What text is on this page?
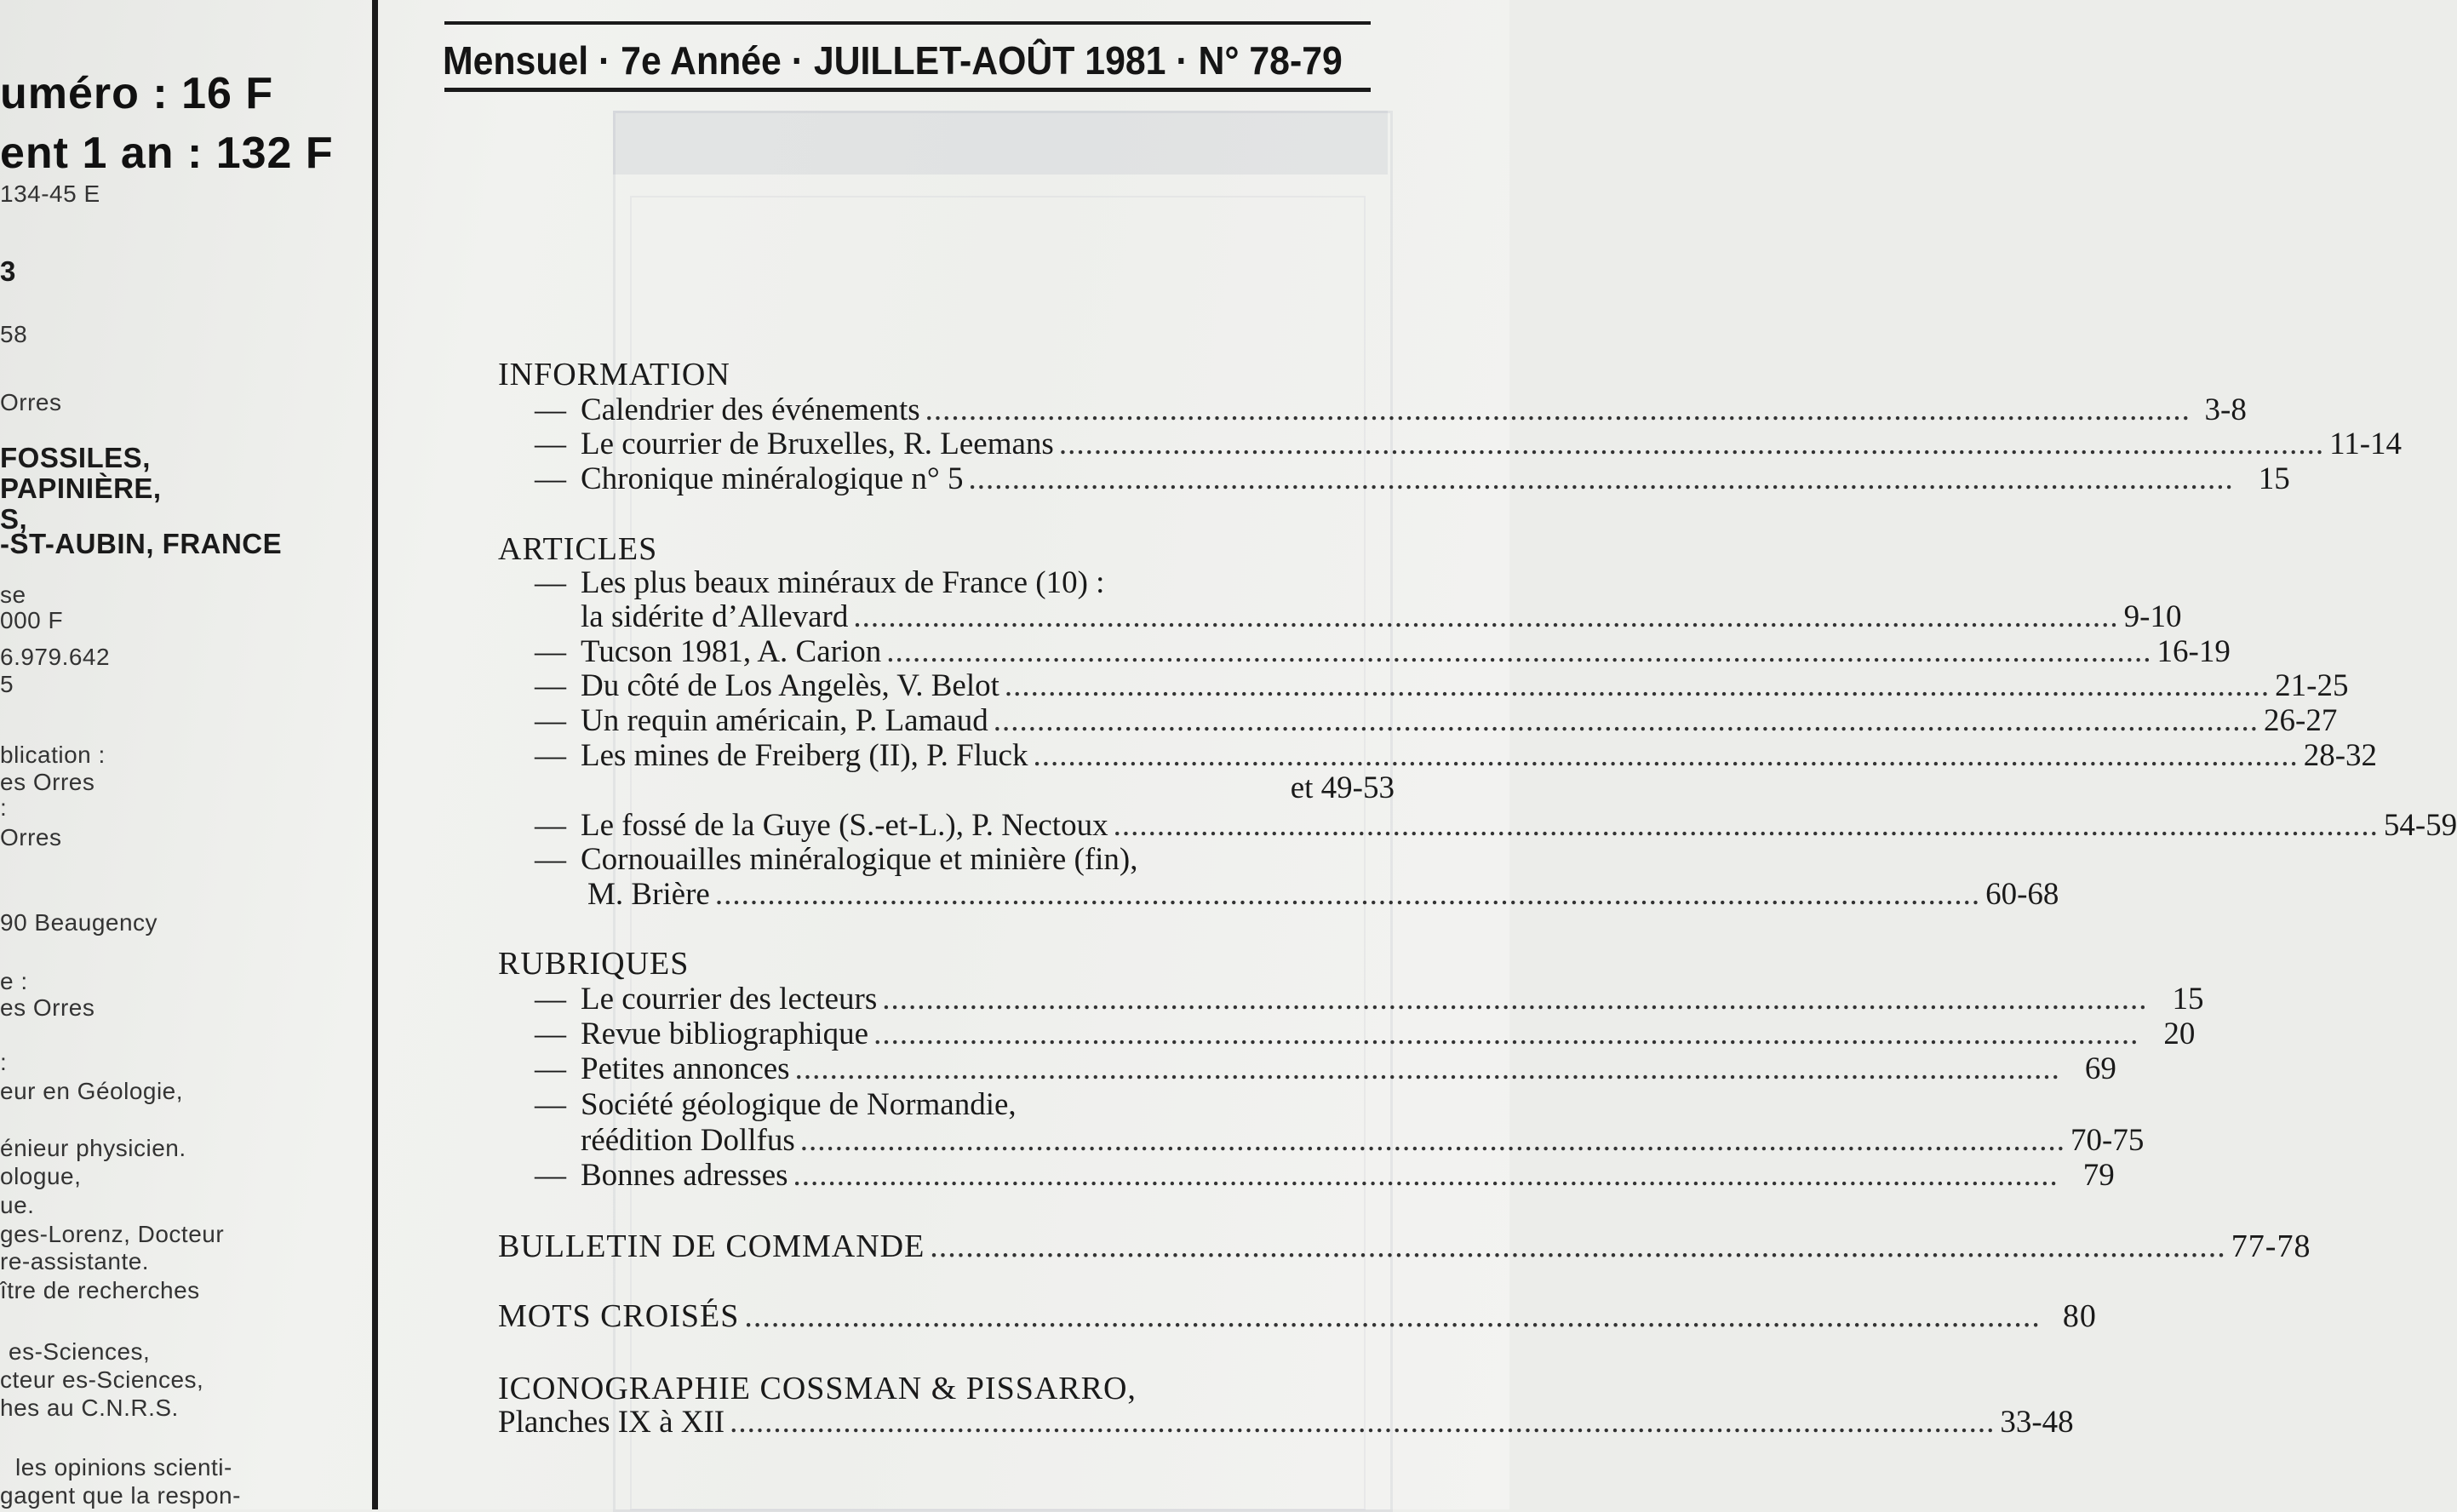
uméro : 16 F
ent 1 an : 132 F
134-45 E
3
58
Orres
FOSSILES,
PAPINIÈRE,
S,
-ST-AUBIN, FRANCE
se
000 F
6.979.642
5
blication :
es Orres
:
Orres
90 Beaugency
e :
es Orres
:
eur en Géologie,
énieur physicien.
ologue,
ue.
ges-Lorenz, Docteur
re-assistante.
ître de recherches
es-Sciences,
cteur es-Sciences,
hes au C.N.R.S.
les opinions scienti-
gagent que la respon-
Mensuel · 7e Année · JUILLET-AOÛT 1981 · N° 78-79
INFORMATION
— Calendrier des événements ................................................................................................................................................. 3-8
— Le courrier de Bruxelles, R. Leemans ................................................................................................................................................. 11-14
— Chronique minéralogique n° 5 ................................................................................................................................................. 15
ARTICLES
— Les plus beaux minéraux de France (10) :
la sidérite d’Allevard ................................................................................................................................................. 9-10
— Tucson 1981, A. Carion ................................................................................................................................................. 16-19
— Du côté de Los Angelès, V. Belot ................................................................................................................................................. 21-25
— Un requin américain, P. Lamaud ................................................................................................................................................. 26-27
— Les mines de Freiberg (II), P. Fluck ................................................................................................................................................. 28-32
et 49-53
— Le fossé de la Guye (S.-et-L.), P. Nectoux ................................................................................................................................................. 54-59
— Cornouailles minéralogique et minière (fin),
M. Brière ................................................................................................................................................. 60-68
RUBRIQUES
— Le courrier des lecteurs ................................................................................................................................................. 15
— Revue bibliographique ................................................................................................................................................. 20
— Petites annonces ................................................................................................................................................. 69
— Société géologique de Normandie,
réédition Dollfus ................................................................................................................................................. 70-75
— Bonnes adresses ................................................................................................................................................. 79
BULLETIN DE COMMANDE ................................................................................................................................................. 77-78
MOTS CROISÉS ................................................................................................................................................. 80
ICONOGRAPHIE COSSMAN & PISSARRO,
Planches IX à XII ................................................................................................................................................. 33-48
